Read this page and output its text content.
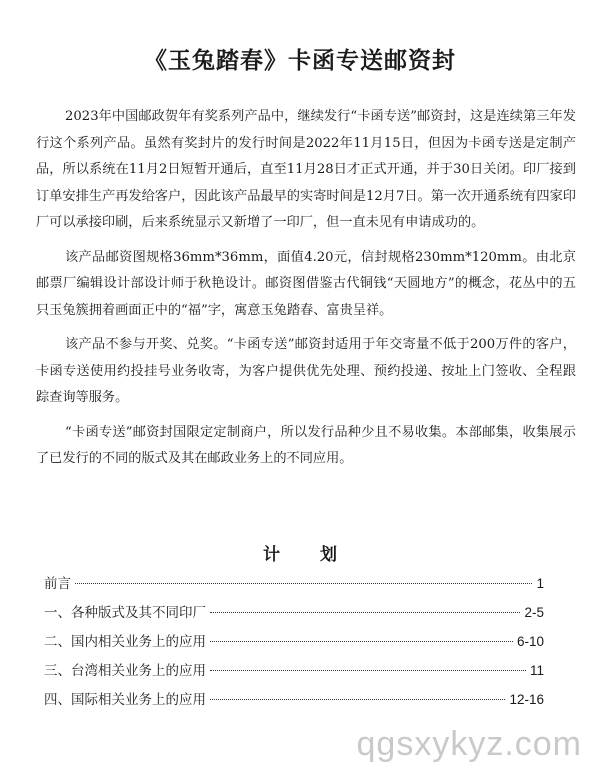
《玉兔踏春》卡函专送邮资封

2023年中国邮政贺年有奖系列产品中，继续发行“卡函专送”邮资封，这是连续第三年发行这个系列产品。虽然有奖封片的发行时间是2022年11月15日，但因为卡函专送是定制产品，所以系统在11月2日短暂开通后，直至11月28日才正式开通，并于30日关闭。印厂接到订单安排生产再发给客户，因此该产品最早的实寄时间是12月7日。第一次开通系统有四家印厂可以承接印刷，后来系统显示又新增了一印厂，但一直未见有申请成功的。

该产品邮资图规格36mm*36mm，面值4.20元，信封规格230mm*120mm。由北京邮票厂编辑设计部设计师于秋艳设计。邮资图借鉴古代铜钱“天圆地方”的概念，花丛中的五只玉兔簇拥着画面正中的“福”字，寓意玉兔踏春、富贵呈祥。

该产品不参与开奖、兑奖。“卡函专送”邮资封适用于年交寄量不低于200万件的客户，卡函专送使用约投挂号业务收寄，为客户提供优先处理、预约投递、按址上门签收、全程跟踪查询等服务。

“卡函专送”邮资封国限定定制商户，所以发行品种少且不易收集。本部邮集，收集展示了已发行的不同的版式及其在邮政业务上的不同应用。

计划
前言	1
一、各种版式及其不同印厂	2-5
二、国内相关业务上的应用	6-10
三、台湾相关业务上的应用	11
四、国际相关业务上的应用	12-16
qgsxykyz.com
